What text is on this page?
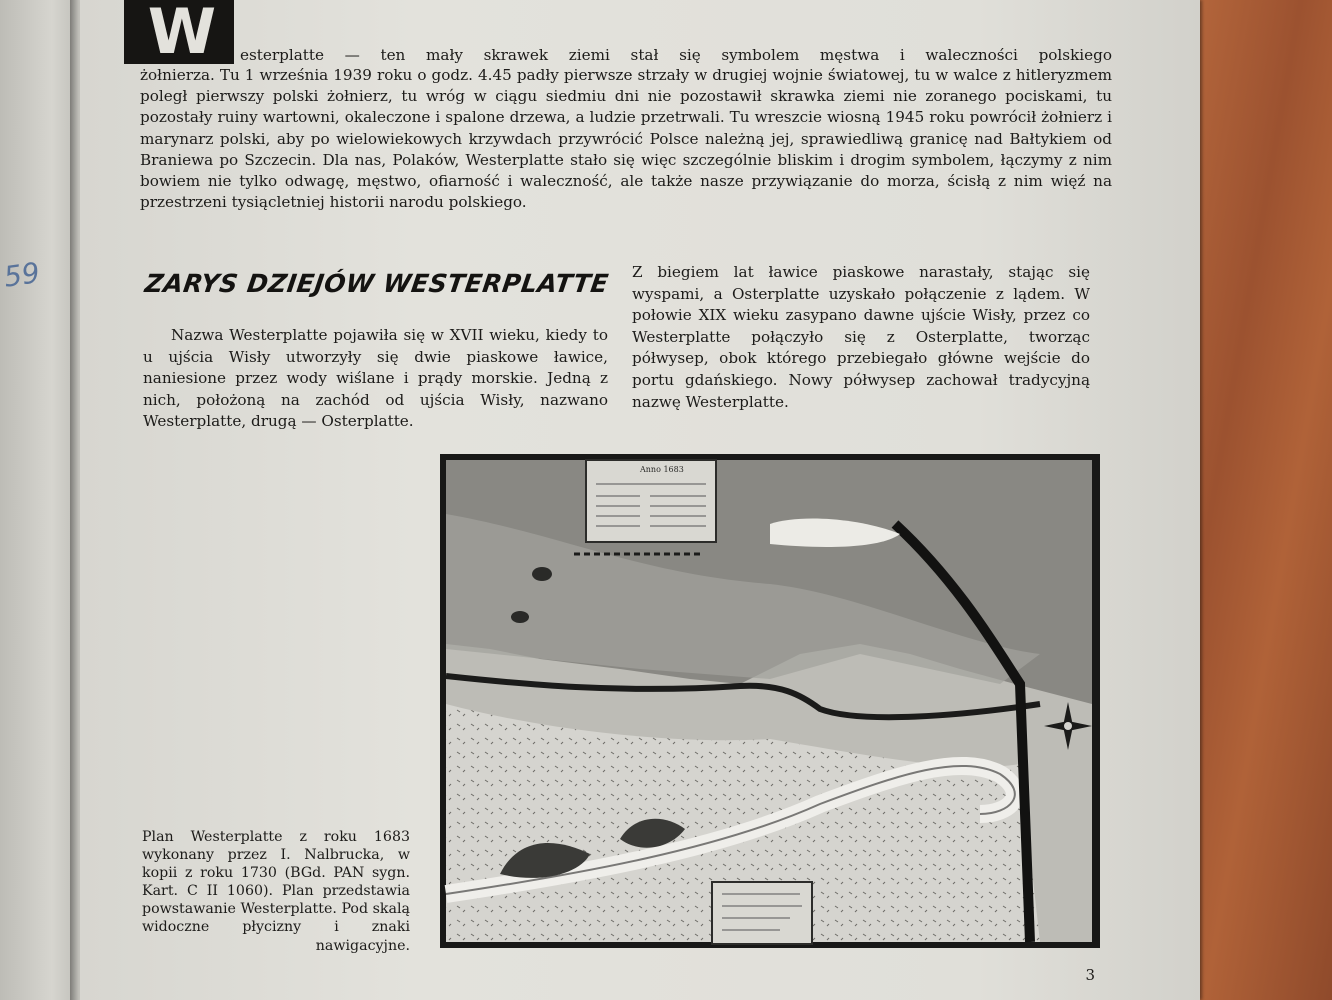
59
W	esterplatte — ten mały skrawek ziemi stał się symbolem męstwa i waleczności polskiego
żołnierza. Tu 1 września 1939 roku o godz. 4.45 padły pierwsze strzały w drugiej wojnie światowej, tu w walce z hitleryzmem poległ pierwszy polski żołnierz, tu wróg w ciągu siedmiu dni nie pozostawił skrawka ziemi nie zoranego pociskami, tu pozostały ruiny wartowni, okaleczone i spalone drzewa, a ludzie przetrwali. Tu wreszcie wiosną 1945 roku powrócił żołnierz i marynarz polski, aby po wielowiekowych krzywdach przywrócić Polsce należną jej, sprawiedliwą granicę nad Bałtykiem od Braniewa po Szczecin. Dla nas, Polaków, Westerplatte stało się więc szczególnie bliskim i drogim symbolem, łączymy z nim bowiem nie tylko odwagę, męstwo, ofiarność i waleczność, ale także nasze przywiązanie do morza, ścisłą z nim więź na przestrzeni tysiącletniej historii narodu polskiego.
ZARYS DZIEJÓW WESTERPLATTE

Nazwa Westerplatte pojawiła się w XVII wieku, kiedy to u ujścia Wisły utworzyły się dwie piaskowe ławice, naniesione przez wody wiślane i prądy morskie. Jedną z nich, położoną na zachód od ujścia Wisły, nazwano Westerplatte, drugą — Osterplatte.

Z biegiem lat ławice piaskowe narastały, stając się wyspami, a Osterplatte uzyskało połączenie z lądem. W połowie XIX wieku zasypano dawne ujście Wisły, przez co Westerplatte połączyło się z Osterplatte, tworząc półwysep, obok którego przebiegało główne wejście do portu gdańskiego. Nowy półwysep zachował tradycyjną nazwę Westerplatte.

Anno 1683
Plan Westerplatte z roku 1683 wykonany przez I. Nalbrucka, w kopii z roku 1730 (BGd. PAN sygn. Kart. C II 1060). Plan przedstawia powstawanie Westerplatte. Pod skalą widoczne płycizny i znaki nawigacyjne.
3
